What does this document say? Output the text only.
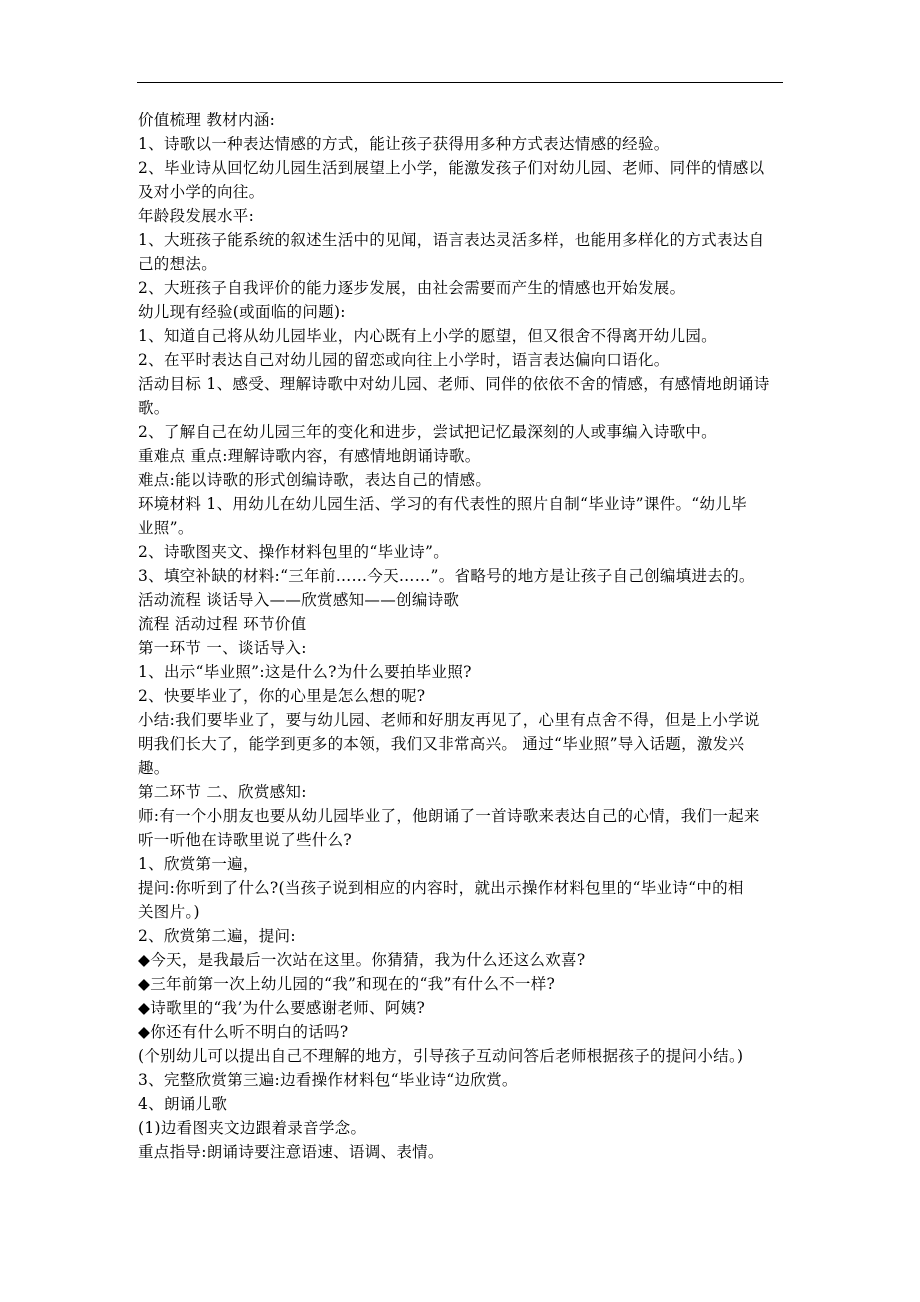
价值梳理 教材内涵:

1、诗歌以一种表达情感的方式，能让孩子获得用多种方式表达情感的经验。

2、毕业诗从回忆幼儿园生活到展望上小学，能激发孩子们对幼儿园、老师、同伴的情感以

及对小学的向往。

年龄段发展水平:

1、大班孩子能系统的叙述生活中的见闻，语言表达灵活多样，也能用多样化的方式表达自

己的想法。

2、大班孩子自我评价的能力逐步发展，由社会需要而产生的情感也开始发展。

幼儿现有经验(或面临的问题):

1、知道自己将从幼儿园毕业，内心既有上小学的愿望，但又很舍不得离开幼儿园。

2、在平时表达自己对幼儿园的留恋或向往上小学时，语言表达偏向口语化。

活动目标 1、感受、理解诗歌中对幼儿园、老师、同伴的依依不舍的情感，有感情地朗诵诗

歌。

2、了解自己在幼儿园三年的变化和进步，尝试把记忆最深刻的人或事编入诗歌中。

重难点 重点:理解诗歌内容，有感情地朗诵诗歌。

难点:能以诗歌的形式创编诗歌，表达自己的情感。

环境材料 1、用幼儿在幼儿园生活、学习的有代表性的照片自制“毕业诗”课件。“幼儿毕

业照”。

2、诗歌图夹文、操作材料包里的“毕业诗”。

3、填空补缺的材料:“三年前……今天……”。省略号的地方是让孩子自己创编填进去的。

活动流程 谈话导入——欣赏感知——创编诗歌

流程 活动过程 环节价值

第一环节 一、谈话导入:

1、出示“毕业照”:这是什么?为什么要拍毕业照?

2、快要毕业了，你的心里是怎么想的呢?

小结:我们要毕业了，要与幼儿园、老师和好朋友再见了，心里有点舍不得，但是上小学说

明我们长大了，能学到更多的本领，我们又非常高兴。 通过“毕业照”导入话题，激发兴

趣。

第二环节 二、欣赏感知:

师:有一个小朋友也要从幼儿园毕业了，他朗诵了一首诗歌来表达自己的心情，我们一起来

听一听他在诗歌里说了些什么?

1、欣赏第一遍，

提问:你听到了什么?(当孩子说到相应的内容时，就出示操作材料包里的“毕业诗“中的相

关图片。)

2、欣赏第二遍，提问:

◆今天，是我最后一次站在这里。你猜猜，我为什么还这么欢喜?

◆三年前第一次上幼儿园的“我”和现在的“我”有什么不一样?

◆诗歌里的“我’为什么要感谢老师、阿姨?

◆你还有什么听不明白的话吗?

(个别幼儿可以提出自己不理解的地方，引导孩子互动问答后老师根据孩子的提问小结。)

3、完整欣赏第三遍:边看操作材料包“毕业诗“边欣赏。

4、朗诵儿歌

(1)边看图夹文边跟着录音学念。

重点指导:朗诵诗要注意语速、语调、表情。
